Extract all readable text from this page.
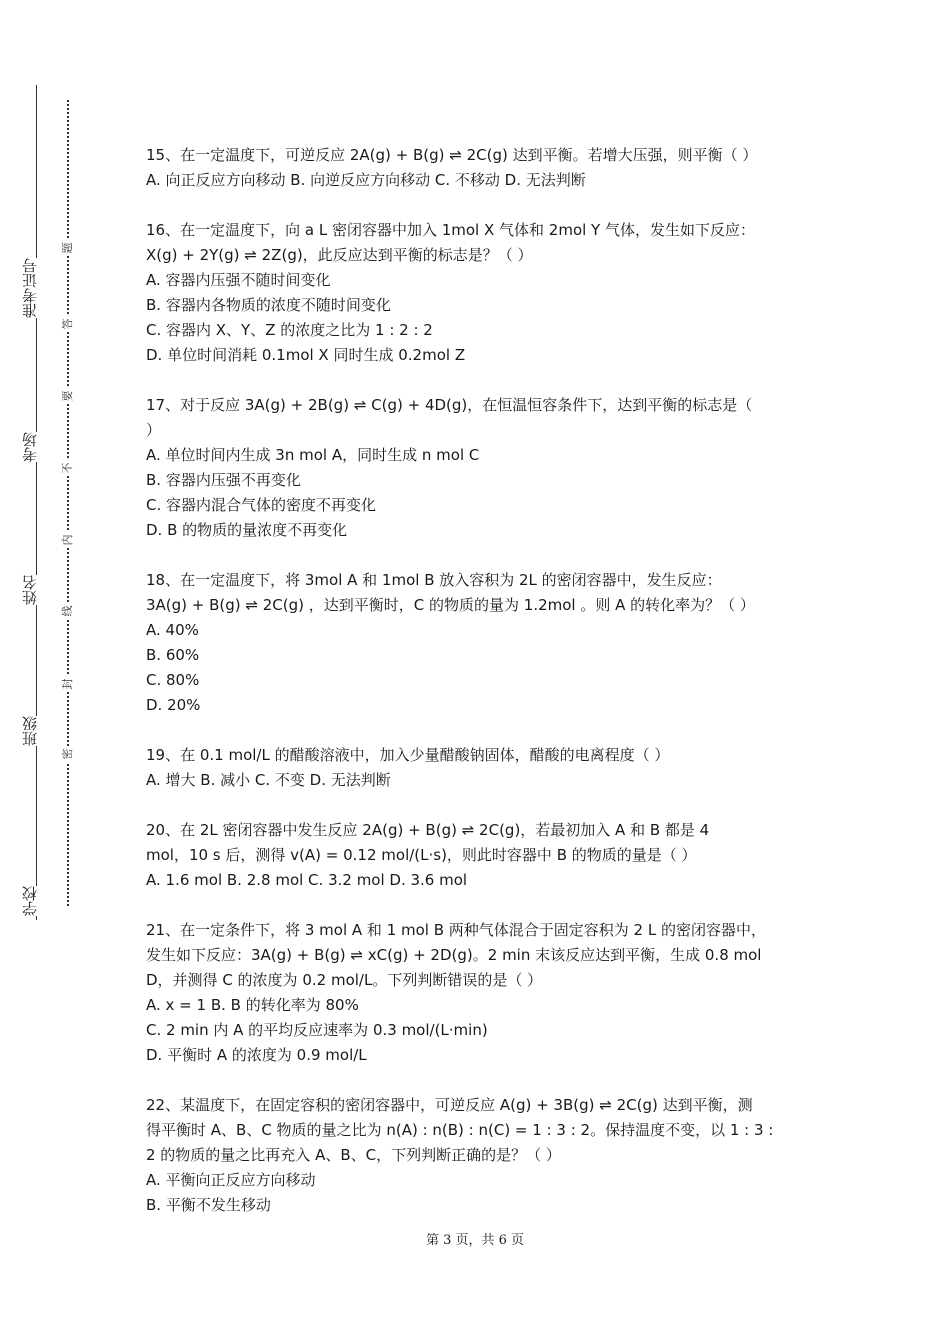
准考证号
考场
姓名
班级
学校
题
答
要
不
内
线
封
密

15、在一定温度下，可逆反应 2A(g) + B(g) ⇌ 2C(g) 达到平衡。若增大压强，则平衡（ ）

A. 向正反应方向移动 B. 向逆反应方向移动 C. 不移动 D. 无法判断

16、在一定温度下，向 a L 密闭容器中加入 1mol X 气体和 2mol Y 气体，发生如下反应：

X(g) + 2Y(g) ⇌ 2Z(g)，此反应达到平衡的标志是？（ ）

A. 容器内压强不随时间变化

B. 容器内各物质的浓度不随时间变化

C. 容器内 X、Y、Z 的浓度之比为 1 : 2 : 2

D. 单位时间消耗 0.1mol X 同时生成 0.2mol Z

17、对于反应 3A(g) + 2B(g) ⇌ C(g) + 4D(g)，在恒温恒容条件下，达到平衡的标志是（

）

A. 单位时间内生成 3n mol A，同时生成 n mol C

B. 容器内压强不再变化

C. 容器内混合气体的密度不再变化

D. B 的物质的量浓度不再变化

18、在一定温度下，将 3mol A 和 1mol B 放入容积为 2L 的密闭容器中，发生反应：

3A(g) + B(g) ⇌ 2C(g) ，达到平衡时，C 的物质的量为 1.2mol 。则 A 的转化率为？（ ）

A. 40%

B. 60%

C. 80%

D. 20%

19、在 0.1 mol/L 的醋酸溶液中，加入少量醋酸钠固体，醋酸的电离程度（ ）

A. 增大 B. 减小 C. 不变 D. 无法判断

20、在 2L 密闭容器中发生反应 2A(g) + B(g) ⇌ 2C(g)，若最初加入 A 和 B 都是 4

mol，10 s 后，测得 v(A) = 0.12 mol/(L·s)，则此时容器中 B 的物质的量是（ ）

A. 1.6 mol B. 2.8 mol C. 3.2 mol D. 3.6 mol

21、在一定条件下，将 3 mol A 和 1 mol B 两种气体混合于固定容积为 2 L 的密闭容器中，

发生如下反应：3A(g) + B(g) ⇌ xC(g) + 2D(g)。2 min 末该反应达到平衡，生成 0.8 mol

D，并测得 C 的浓度为 0.2 mol/L。下列判断错误的是（ ）

A. x = 1 B. B 的转化率为 80%

C. 2 min 内 A 的平均反应速率为 0.3 mol/(L·min)

D. 平衡时 A 的浓度为 0.9 mol/L

22、某温度下，在固定容积的密闭容器中，可逆反应 A(g) + 3B(g) ⇌ 2C(g) 达到平衡，测

得平衡时 A、B、C 物质的量之比为 n(A) : n(B) : n(C) = 1 : 3 : 2。保持温度不变，以 1 : 3 :

2 的物质的量之比再充入 A、B、C，下列判断正确的是？（ ）

A. 平衡向正反应方向移动

B. 平衡不发生移动

第 3 页，共 6 页
